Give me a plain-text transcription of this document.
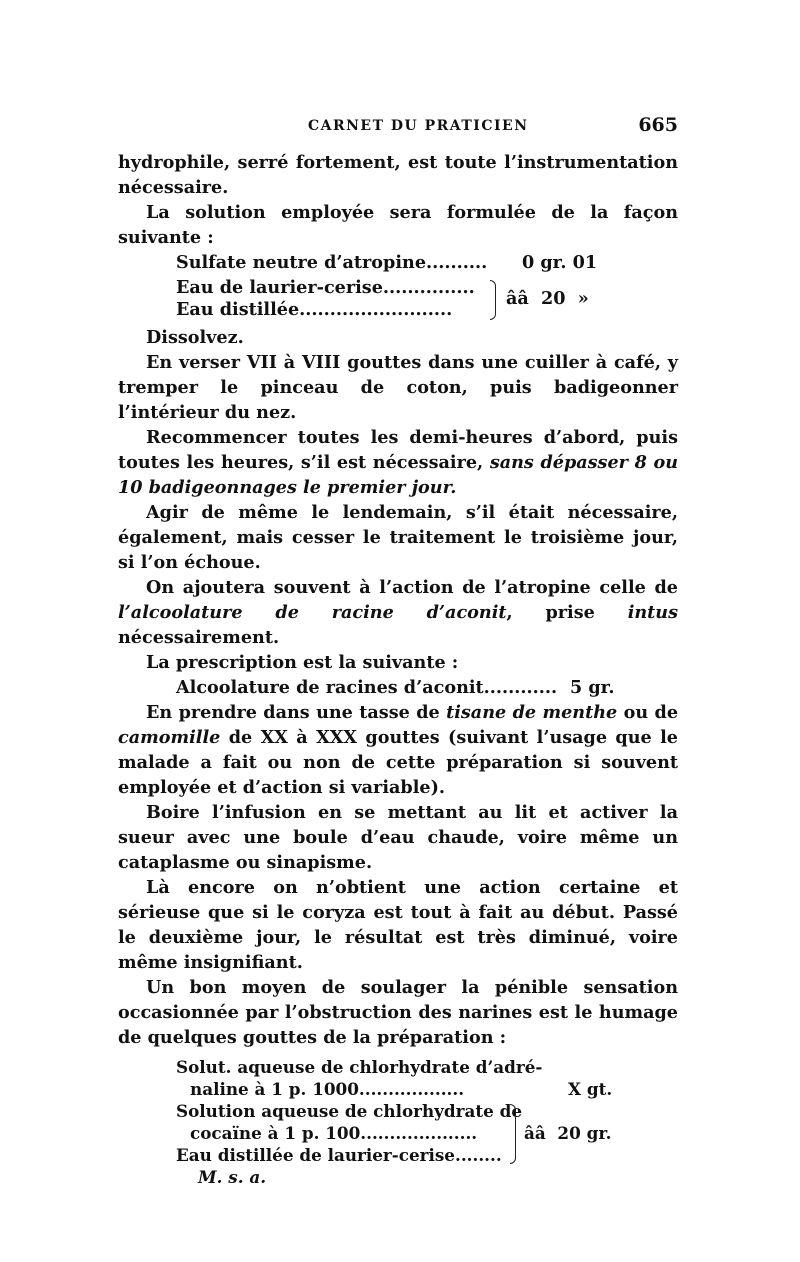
CARNET DU PRATICIEN	665

hydrophile, serré fortement, est toute l’instrumentation nécessaire.

La solution employée sera formulée de la façon suivante :

Sulfate neutre d’atropine.......... 0 gr. 01
Eau de laurier-cerise...............
Eau distillée.........................
ââ  20  »

Dissolvez.

En verser VII à VIII gouttes dans une cuiller à café, y tremper le pinceau de coton, puis badigeonner l’intérieur du nez.

Recommencer toutes les demi-heures d’abord, puis toutes les heures, s’il est nécessaire, sans dépasser 8 ou 10 badigeonnages le premier jour.

Agir de même le lendemain, s’il était nécessaire, également, mais cesser le traitement le troisième jour, si l’on échoue.

On ajoutera souvent à l’action de l’atropine celle de l’alcoolature de racine d’aconit, prise intus nécessairement.

La prescription est la suivante :

Alcoolature de racines d’aconit............ 5 gr.

En prendre dans une tasse de tisane de menthe ou de camomille de XX à XXX gouttes (suivant l’usage que le malade a fait ou non de cette préparation si souvent employée et d’action si variable).

Boire l’infusion en se mettant au lit et activer la sueur avec une boule d’eau chaude, voire même un cataplasme ou sinapisme.

Là encore on n’obtient une action certaine et sérieuse que si le coryza est tout à fait au début. Passé le deuxième jour, le résultat est très diminué, voire même insignifiant.

Un bon moyen de soulager la pénible sensation occasionnée par l’obstruction des narines est le humage de quelques gouttes de la préparation :

Solut. aqueuse de chlorhydrate d’adré-
naline à 1 p. 1000..................	X gt.
Solution aqueuse de chlorhydrate de
cocaïne à 1 p. 100....................
Eau distillée de laurier-cerise........
ââ  20 gr.
M. s. a.
